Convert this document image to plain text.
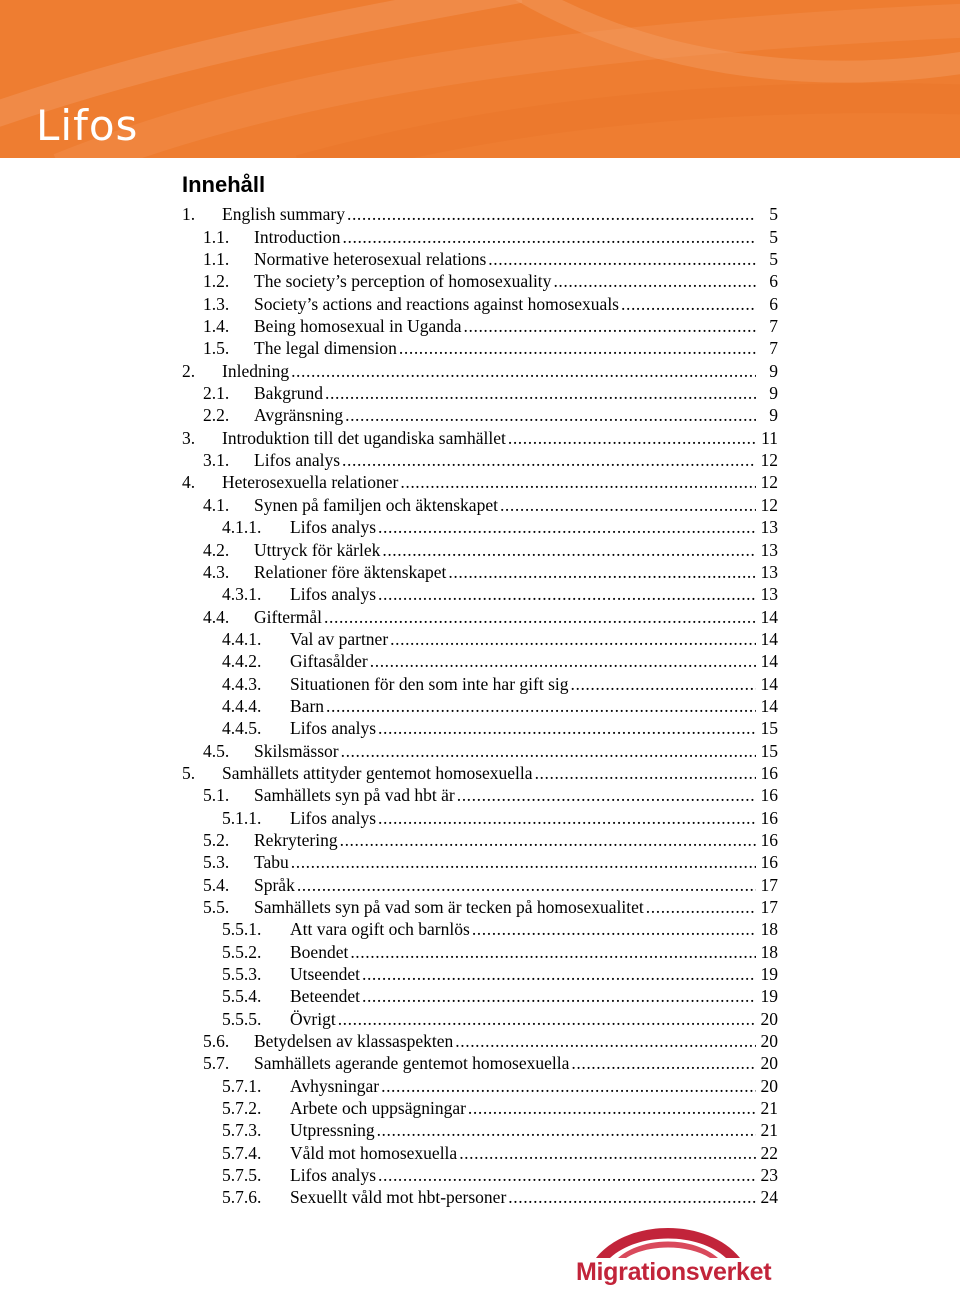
Lifos
Innehåll
1.	English summary .....	5
1.1.	Introduction .....	5
1.1.	Normative heterosexual relations .....	5
1.2.	The society’s perception of homosexuality .....	6
1.3.	Society’s actions and reactions against homosexuals .....	6
1.4.	Being homosexual in Uganda .....	7
1.5.	The legal dimension .....	7
2.	Inledning .....	9
2.1.	Bakgrund .....	9
2.2.	Avgränsning .....	9
3.	Introduktion till det ugandiska samhället .....	11
3.1.	Lifos analys .....	12
4.	Heterosexuella relationer .....	12
4.1.	Synen på familjen och äktenskapet .....	12
4.1.1.	Lifos analys .....	13
4.2.	Uttryck för kärlek .....	13
4.3.	Relationer före äktenskapet .....	13
4.3.1.	Lifos analys .....	13
4.4.	Giftermål .....	14
4.4.1.	Val av partner .....	14
4.4.2.	Giftasålder .....	14
4.4.3.	Situationen för den som inte har gift sig .....	14
4.4.4.	Barn .....	14
4.4.5.	Lifos analys .....	15
4.5.	Skilsmässor .....	15
5.	Samhällets attityder gentemot homosexuella .....	16
5.1.	Samhällets syn på vad hbt är .....	16
5.1.1.	Lifos analys .....	16
5.2.	Rekrytering .....	16
5.3.	Tabu .....	16
5.4.	Språk .....	17
5.5.	Samhällets syn på vad som är tecken på homosexualitet .....	17
5.5.1.	Att vara ogift och barnlös .....	18
5.5.2.	Boendet .....	18
5.5.3.	Utseendet .....	19
5.5.4.	Beteendet .....	19
5.5.5.	Övrigt .....	20
5.6.	Betydelsen av klassaspekten .....	20
5.7.	Samhällets agerande gentemot homosexuella .....	20
5.7.1.	Avhysningar .....	20
5.7.2.	Arbete och uppsägningar .....	21
5.7.3.	Utpressning .....	21
5.7.4.	Våld mot homosexuella .....	22
5.7.5.	Lifos analys .....	23
5.7.6.	Sexuellt våld mot hbt-personer .....	24
Migrationsverket
